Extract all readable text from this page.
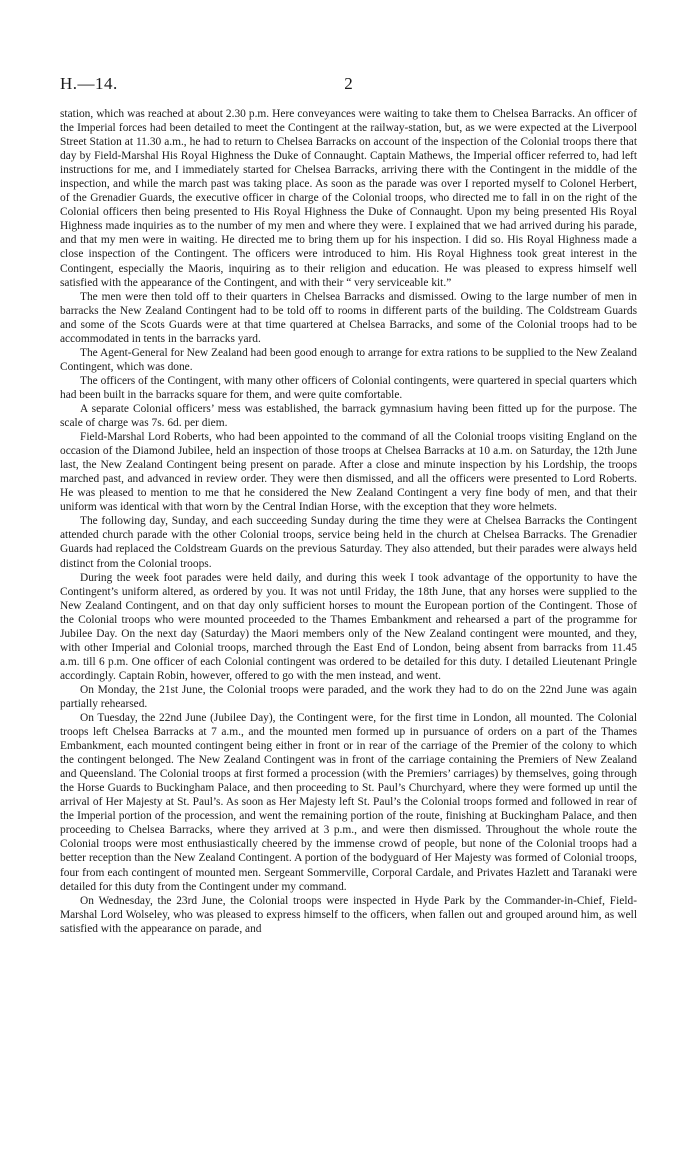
H.—14.	2

station, which was reached at about 2.30 p.m. Here conveyances were waiting to take them to Chelsea Barracks. An officer of the Imperial forces had been detailed to meet the Contingent at the railway-station, but, as we were expected at the Liverpool Street Station at 11.30 a.m., he had to return to Chelsea Barracks on account of the inspection of the Colonial troops there that day by Field-Marshal His Royal Highness the Duke of Connaught. Captain Mathews, the Imperial officer referred to, had left instructions for me, and I immediately started for Chelsea Barracks, arriving there with the Contingent in the middle of the inspection, and while the march past was taking place. As soon as the parade was over I reported myself to Colonel Herbert, of the Grenadier Guards, the executive officer in charge of the Colonial troops, who directed me to fall in on the right of the Colonial officers then being presented to His Royal Highness the Duke of Connaught. Upon my being presented His Royal Highness made inquiries as to the number of my men and where they were. I explained that we had arrived during his parade, and that my men were in waiting. He directed me to bring them up for his inspection. I did so. His Royal Highness made a close inspection of the Contingent. The officers were introduced to him. His Royal Highness took great interest in the Contingent, especially the Maoris, inquiring as to their religion and education. He was pleased to express himself well satisfied with the appearance of the Contingent, and with their “ very serviceable kit.”

The men were then told off to their quarters in Chelsea Barracks and dismissed. Owing to the large number of men in barracks the New Zealand Contingent had to be told off to rooms in different parts of the building. The Coldstream Guards and some of the Scots Guards were at that time quartered at Chelsea Barracks, and some of the Colonial troops had to be accommodated in tents in the barracks yard.

The Agent-General for New Zealand had been good enough to arrange for extra rations to be supplied to the New Zealand Contingent, which was done.

The officers of the Contingent, with many other officers of Colonial contingents, were quartered in special quarters which had been built in the barracks square for them, and were quite comfortable.

A separate Colonial officers’ mess was established, the barrack gymnasium having been fitted up for the purpose. The scale of charge was 7s. 6d. per diem.

Field-Marshal Lord Roberts, who had been appointed to the command of all the Colonial troops visiting England on the occasion of the Diamond Jubilee, held an inspection of those troops at Chelsea Barracks at 10 a.m. on Saturday, the 12th June last, the New Zealand Contingent being present on parade. After a close and minute inspection by his Lordship, the troops marched past, and advanced in review order. They were then dismissed, and all the officers were presented to Lord Roberts. He was pleased to mention to me that he considered the New Zealand Contingent a very fine body of men, and that their uniform was identical with that worn by the Central Indian Horse, with the exception that they wore helmets.

The following day, Sunday, and each succeeding Sunday during the time they were at Chelsea Barracks the Contingent attended church parade with the other Colonial troops, service being held in the church at Chelsea Barracks. The Grenadier Guards had replaced the Coldstream Guards on the previous Saturday. They also attended, but their parades were always held distinct from the Colonial troops.

During the week foot parades were held daily, and during this week I took advantage of the opportunity to have the Contingent’s uniform altered, as ordered by you. It was not until Friday, the 18th June, that any horses were supplied to the New Zealand Contingent, and on that day only sufficient horses to mount the European portion of the Contingent. Those of the Colonial troops who were mounted proceeded to the Thames Embankment and rehearsed a part of the programme for Jubilee Day. On the next day (Saturday) the Maori members only of the New Zealand contingent were mounted, and they, with other Imperial and Colonial troops, marched through the East End of London, being absent from barracks from 11.45 a.m. till 6 p.m. One officer of each Colonial contingent was ordered to be detailed for this duty. I detailed Lieutenant Pringle accordingly. Captain Robin, however, offered to go with the men instead, and went.

On Monday, the 21st June, the Colonial troops were paraded, and the work they had to do on the 22nd June was again partially rehearsed.

On Tuesday, the 22nd June (Jubilee Day), the Contingent were, for the first time in London, all mounted. The Colonial troops left Chelsea Barracks at 7 a.m., and the mounted men formed up in pursuance of orders on a part of the Thames Embankment, each mounted contingent being either in front or in rear of the carriage of the Premier of the colony to which the contingent belonged. The New Zealand Contingent was in front of the carriage containing the Premiers of New Zealand and Queensland. The Colonial troops at first formed a procession (with the Premiers’ carriages) by themselves, going through the Horse Guards to Buckingham Palace, and then proceeding to St. Paul’s Churchyard, where they were formed up until the arrival of Her Majesty at St. Paul’s. As soon as Her Majesty left St. Paul’s the Colonial troops formed and followed in rear of the Imperial portion of the procession, and went the remaining portion of the route, finishing at Buckingham Palace, and then proceeding to Chelsea Barracks, where they arrived at 3 p.m., and were then dismissed. Throughout the whole route the Colonial troops were most enthusiastically cheered by the immense crowd of people, but none of the Colonial troops had a better reception than the New Zealand Contingent. A portion of the bodyguard of Her Majesty was formed of Colonial troops, four from each contingent of mounted men. Sergeant Sommerville, Corporal Cardale, and Privates Hazlett and Taranaki were detailed for this duty from the Contingent under my command.

On Wednesday, the 23rd June, the Colonial troops were inspected in Hyde Park by the Commander-in-Chief, Field-Marshal Lord Wolseley, who was pleased to express himself to the officers, when fallen out and grouped around him, as well satisfied with the appearance on parade, and
